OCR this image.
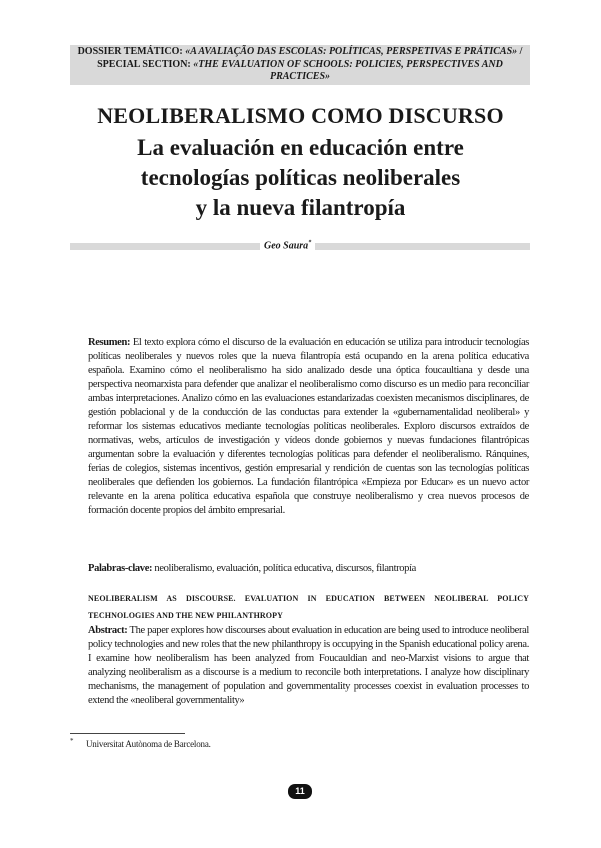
DOSSIER TEMÁTICO: «A AVALIAÇÃO DAS ESCOLAS: POLÍTICAS, PERSPETIVAS E PRÁTICAS» / SPECIAL SECTION: «THE EVALUATION OF SCHOOLS: POLICIES, PERSPECTIVES AND PRACTICES»
NEOLIBERALISMO COMO DISCURSO
La evaluación en educación entre
tecnologías políticas neoliberales
y la nueva filantropía
Geo Saura*
Resumen: El texto explora cómo el discurso de la evaluación en educación se utiliza para introducir tecnologías políticas neoliberales y nuevos roles que la nueva filantropía está ocupando en la arena política educativa española. Examino cómo el neoliberalismo ha sido analizado desde una óptica foucaultiana y desde una perspectiva neomarxista para defender que analizar el neoliberalismo como discurso es un medio para reconciliar ambas interpretaciones. Analizo cómo en las evaluaciones estandarizadas coexisten mecanismos disciplinares, de gestión poblacional y de la conducción de las conductas para extender la «gubernamentalidad neoliberal» y reformar los sistemas educativos mediante tecnologías políticas neoliberales. Exploro discursos extraídos de normativas, webs, artículos de investigación y vídeos donde gobiernos y nuevas fundaciones filantrópicas argumentan sobre la evaluación y diferentes tecnologías políticas para defender el neoliberalismo. Ránquines, ferias de colegios, sistemas incentivos, gestión empresarial y rendición de cuentas son las tecnologías políticas neoliberales que defienden los gobiernos. La fundación filantrópica «Empieza por Educar» es un nuevo actor relevante en la arena política educativa española que construye neoliberalismo y crea nuevos procesos de formación docente propios del ámbito empresarial.
Palabras-clave: neoliberalismo, evaluación, política educativa, discursos, filantropía
NEOLIBERALISM AS DISCOURSE. EVALUATION IN EDUCATION BETWEEN NEOLIBERAL POLICY TECHNOLOGIES AND THE NEW PHILANTHROPY
Abstract: The paper explores how discourses about evaluation in education are being used to introduce neoliberal policy technologies and new roles that the new philanthropy is occupying in the Spanish educational policy arena. I examine how neoliberalism has been analyzed from Foucauldian and neo-Marxist visions to argue that analyzing neoliberalism as a discourse is a medium to reconcile both interpretations. I analyze how disciplinary mechanisms, the management of population and governmentality processes coexist in evaluation processes to extend the «neoliberal governmentality»
* Universitat Autònoma de Barcelona.
11
